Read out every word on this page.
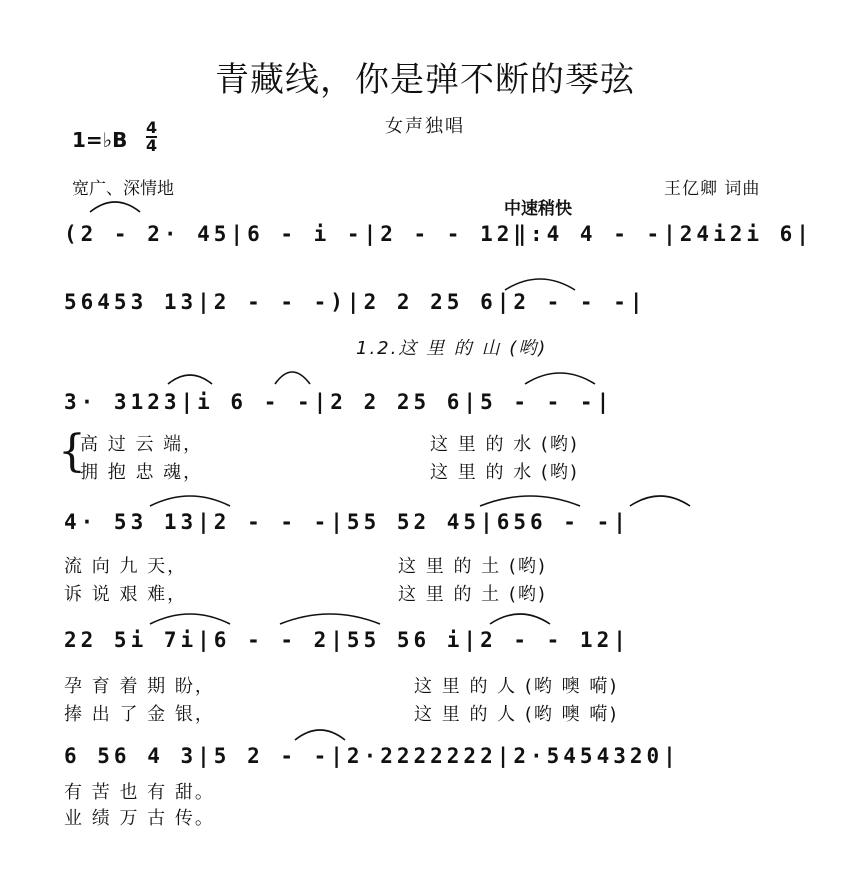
青藏线，你是弹不断的琴弦
女声独唱
1=♭B
4
4
宽广、深情地	王亿卿 词曲
中速稍快
(2 - 2· 45|6 - i -|2 - - 12‖:4 4 - -|24i2i 6|
56453 13|2 - - -)|2 2 25 6|2 - - -|
1.2.这 里 的 山 (哟)
3· 3123|i 6 - -|2 2 25 6|5 - - -|
{
高 过 云 端，	这 里 的 水 (哟)
拥 抱 忠 魂，	这 里 的 水 (哟)
4· 53 13|2 - - -|55 52 45|656 - -|
流 向 九 天，	这 里 的 土 (哟)
诉 说 艰 难，	这 里 的 土 (哟)
22 5i 7i|6 - - 2|55 56 i|2 - - 12|
孕 育 着 期 盼，	这 里 的 人 (哟 噢 嗬)
捧 出 了 金 银，	这 里 的 人 (哟 噢 嗬)
6 56 4 3|5 2 - -|2·2222222|2·5454320|
有 苦 也 有 甜。
业 绩 万 古 传。
